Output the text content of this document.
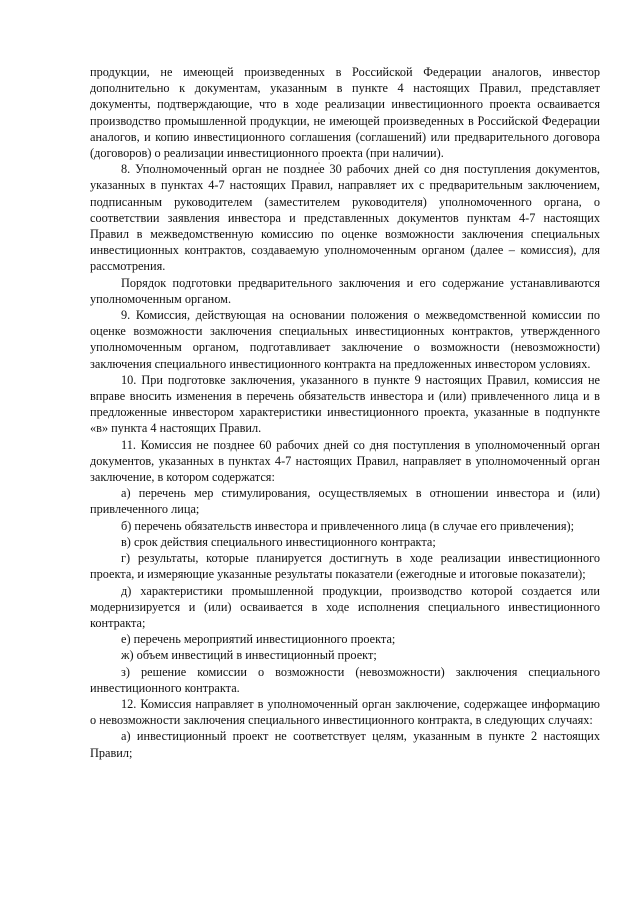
продукции, не имеющей произведенных в Российской Федерации аналогов, инвестор дополнительно к документам, указанным в пункте 4 настоящих Правил, представляет документы, подтверждающие, что в ходе реализации инвестиционного проекта осваивается производство промышленной продукции, не имеющей произведенных в Российской Федерации аналогов, и копию инвестиционного соглашения (соглашений) или предварительного договора (договоров) о реализации инвестиционного проекта (при наличии).

8. Уполномоченный орган не позднее 30 рабочих дней со дня поступления документов, указанных в пунктах 4-7 настоящих Правил, направляет их с предварительным заключением, подписанным руководителем (заместителем руководителя) уполномоченного органа, о соответствии заявления инвестора и представленных документов пунктам 4-7 настоящих Правил в межведомственную комиссию по оценке возможности заключения специальных инвестиционных контрактов, создаваемую уполномоченным органом (далее – комиссия), для рассмотрения.

Порядок подготовки предварительного заключения и его содержание устанавливаются уполномоченным органом.

9. Комиссия, действующая на основании положения о межведомственной комиссии по оценке возможности заключения специальных инвестиционных контрактов, утвержденного уполномоченным органом, подготавливает заключение о возможности (невозможности) заключения специального инвестиционного контракта на предложенных инвестором условиях.

10. При подготовке заключения, указанного в пункте 9 настоящих Правил, комиссия не вправе вносить изменения в перечень обязательств инвестора и (или) привлеченного лица и в предложенные инвестором характеристики инвестиционного проекта, указанные в подпункте «в» пункта 4 настоящих Правил.

11. Комиссия не позднее 60 рабочих дней со дня поступления в уполномоченный орган документов, указанных в пунктах 4-7 настоящих Правил, направляет в уполномоченный орган заключение, в котором содержатся:

а) перечень мер стимулирования, осуществляемых в отношении инвестора и (или) привлеченного лица;

б) перечень обязательств инвестора и привлеченного лица (в случае его привлечения);

в) срок действия специального инвестиционного контракта;

г) результаты, которые планируется достигнуть в ходе реализации инвестиционного проекта, и измеряющие указанные результаты показатели (ежегодные и итоговые показатели);

д) характеристики промышленной продукции, производство которой создается или модернизируется и (или) осваивается в ходе исполнения специального инвестиционного контракта;

е) перечень мероприятий инвестиционного проекта;

ж) объем инвестиций в инвестиционный проект;

з) решение комиссии о возможности (невозможности) заключения специального инвестиционного контракта.

12. Комиссия направляет в уполномоченный орган заключение, содержащее информацию о невозможности заключения специального инвестиционного контракта, в следующих случаях:

а) инвестиционный проект не соответствует целям, указанным в пункте 2 настоящих Правил;
